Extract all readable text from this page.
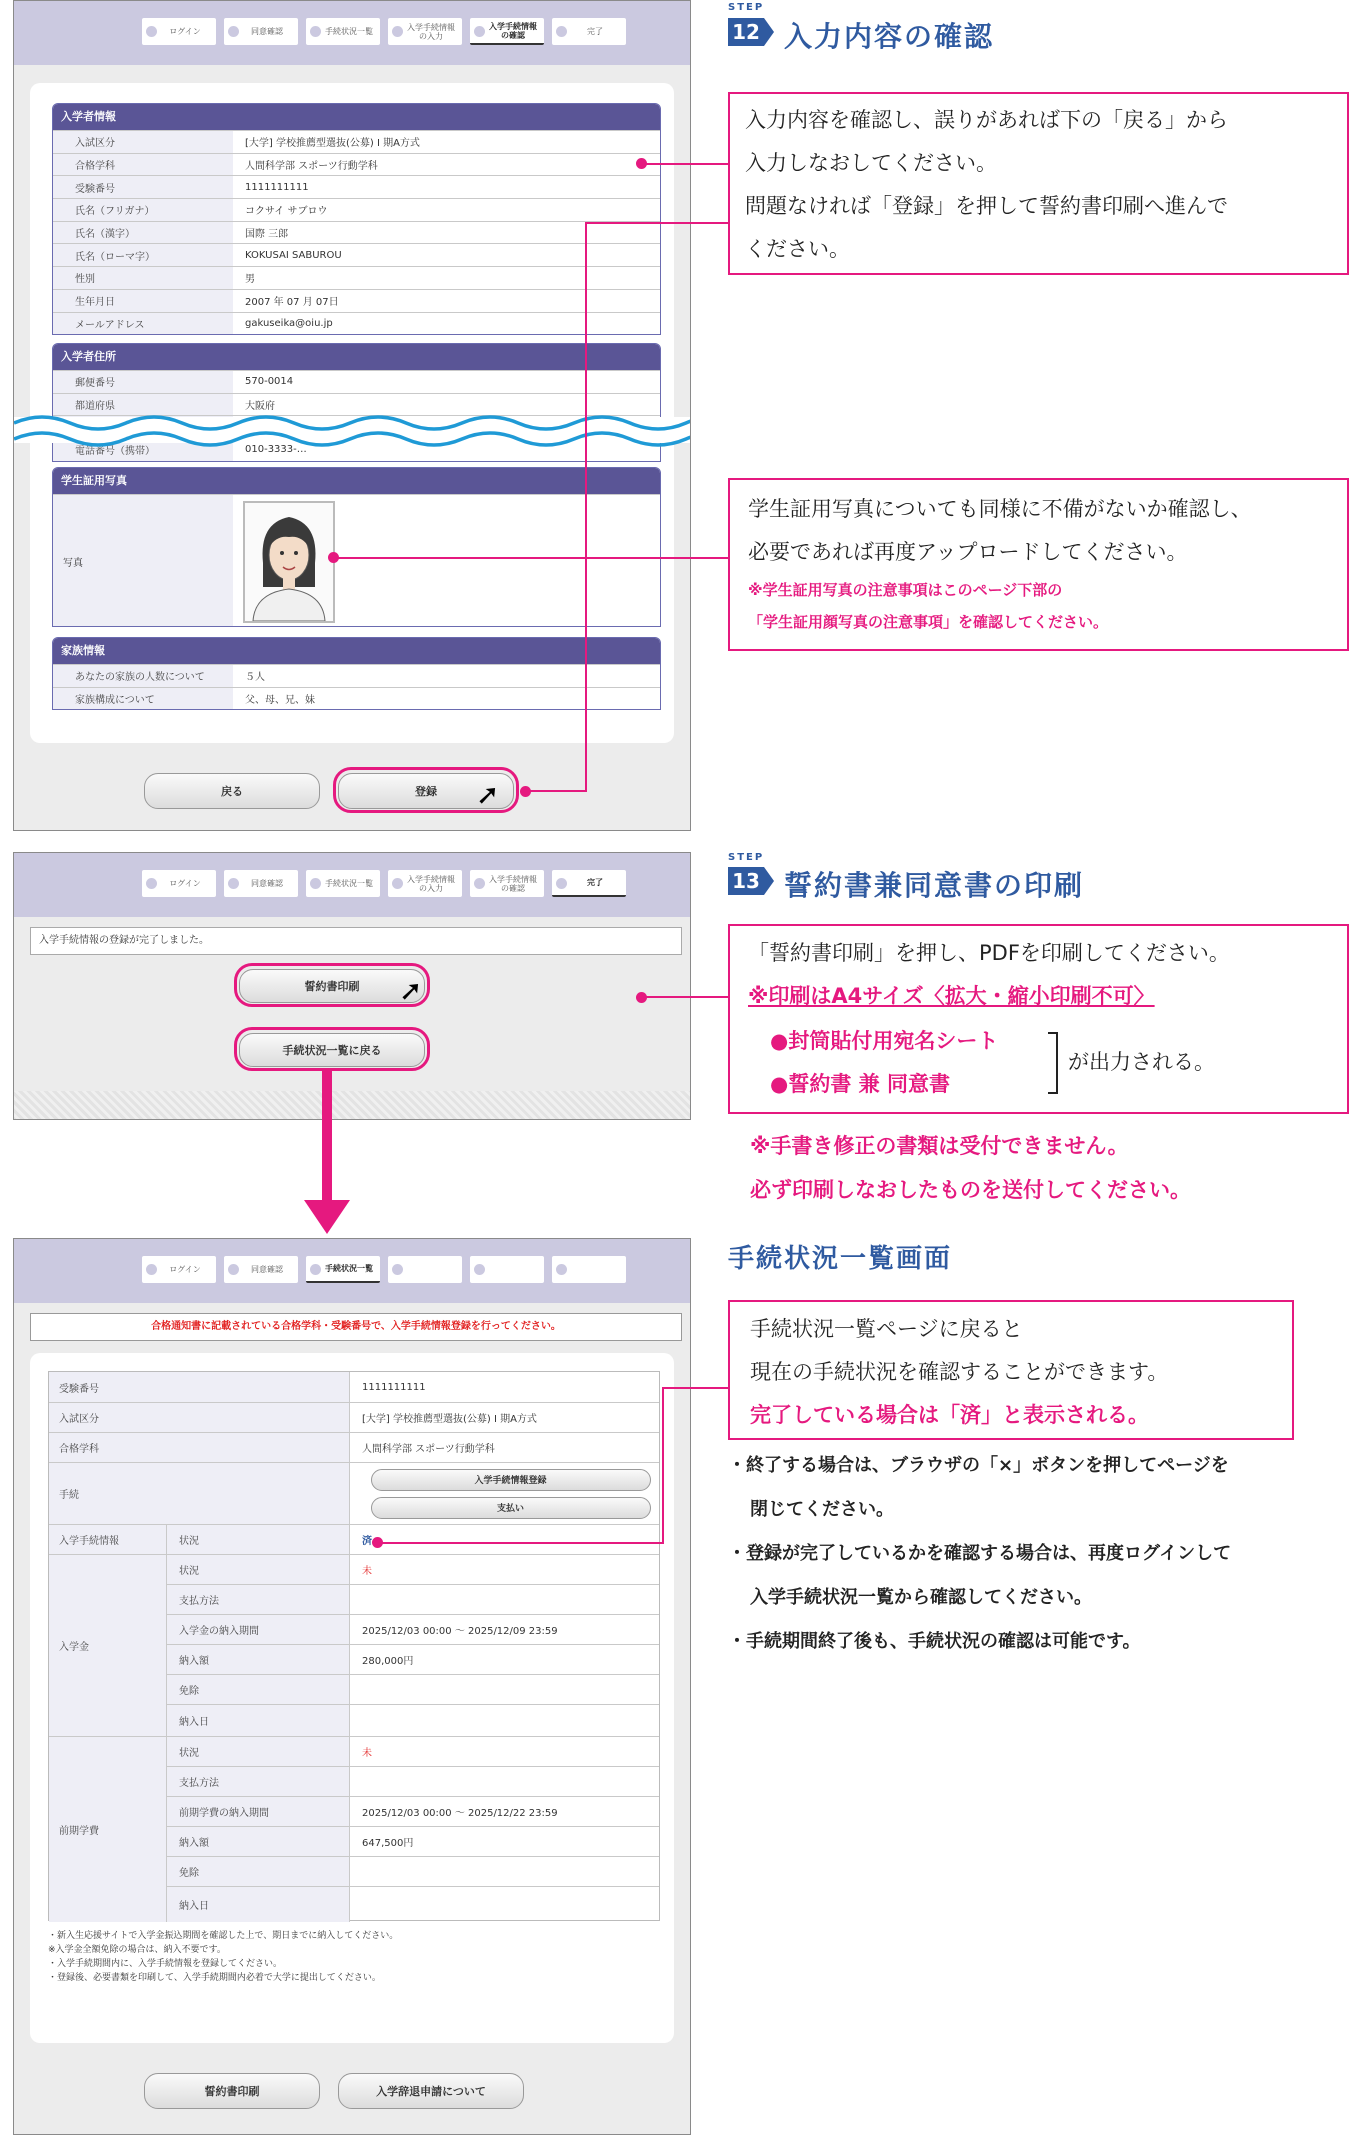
ログイン	同意確認	手続状況一覧	入学手続情報の入力
入学手続情報の確認	完了
入学者情報
入試区分	[大学] 学校推薦型選抜(公募) I 期A方式
合格学科	人間科学部 スポーツ行動学科
受験番号	1111111111
氏名（フリガナ）	コクサイ サブロウ
氏名（漢字）	国際 三郎
氏名（ローマ字）	KOKUSAI SABUROU
性別	男
生年月日	2007 年 07 月 07日
メールアドレス	gakuseika@oiu.jp
入学者住所
郵便番号	570-0014
都道府県	大阪府
電話番号（携帯）	010-3333-…
学生証用写真
写真
家族情報
あなたの家族の人数について	５人
家族構成について	父、母、兄、妹
戻る	登録	➚
STEP
12 入力内容の確認
入力内容を確認し、誤りがあれば下の「戻る」から
入力しなおしてください。
問題なければ「登録」を押して誓約書印刷へ進んで
ください。
学生証用写真についても同様に不備がないか確認し、
必要であれば再度アップロードしてください。
※学生証用写真の注意事項はこのページ下部の
「学生証用顔写真の注意事項」を確認してください。
ログイン	同意確認	手続状況一覧	入学手続情報の入力
入学手続情報の確認
完了
入学手続情報の登録が完了しました。
誓約書印刷	➚
手続状況一覧に戻る
STEP
13 誓約書兼同意書の印刷
「誓約書印刷」を押し、PDFを印刷してください。
※印刷はA4サイズ〈拡大・縮小印刷不可〉
●封筒貼付用宛名シート
●誓約書 兼 同意書
が出力される。
※手書き修正の書類は受付できません。
必ず印刷しなおしたものを送付してください。
ログイン	同意確認	手続状況一覧
合格通知書に記載されている合格学科・受験番号で、入学手続情報登録を行ってください。
受験番号	1111111111
入試区分	[大学] 学校推薦型選抜(公募) I 期A方式
合格学科	人間科学部 スポーツ行動学科
手続
入学手続情報登録
支払い
入学手続情報	状況	済
入学金
状況	未
支払方法
入学金の納入期間	2025/12/03 00:00 ～ 2025/12/09 23:59
納入額	280,000円
免除
納入日
前期学費
状況	未
支払方法
前期学費の納入期間	2025/12/03 00:00 ～ 2025/12/22 23:59
納入額	647,500円
免除
納入日
・新入生応援サイトで入学金振込期間を確認した上で、期日までに納入してください。
※入学金全額免除の場合は、納入不要です。
・入学手続期間内に、入学手続情報を登録してください。
・登録後、必要書類を印刷して、入学手続期間内必着で大学に提出してください。
誓約書印刷	入学辞退申請について
手続状況一覧画面
手続状況一覧ページに戻ると
現在の手続状況を確認することができます。
完了している場合は「済」と表示される。
・終了する場合は、ブラウザの「×」ボタンを押してページを
閉じてください。
・登録が完了しているかを確認する場合は、再度ログインして
入学手続状況一覧から確認してください。
・手続期間終了後も、手続状況の確認は可能です。
